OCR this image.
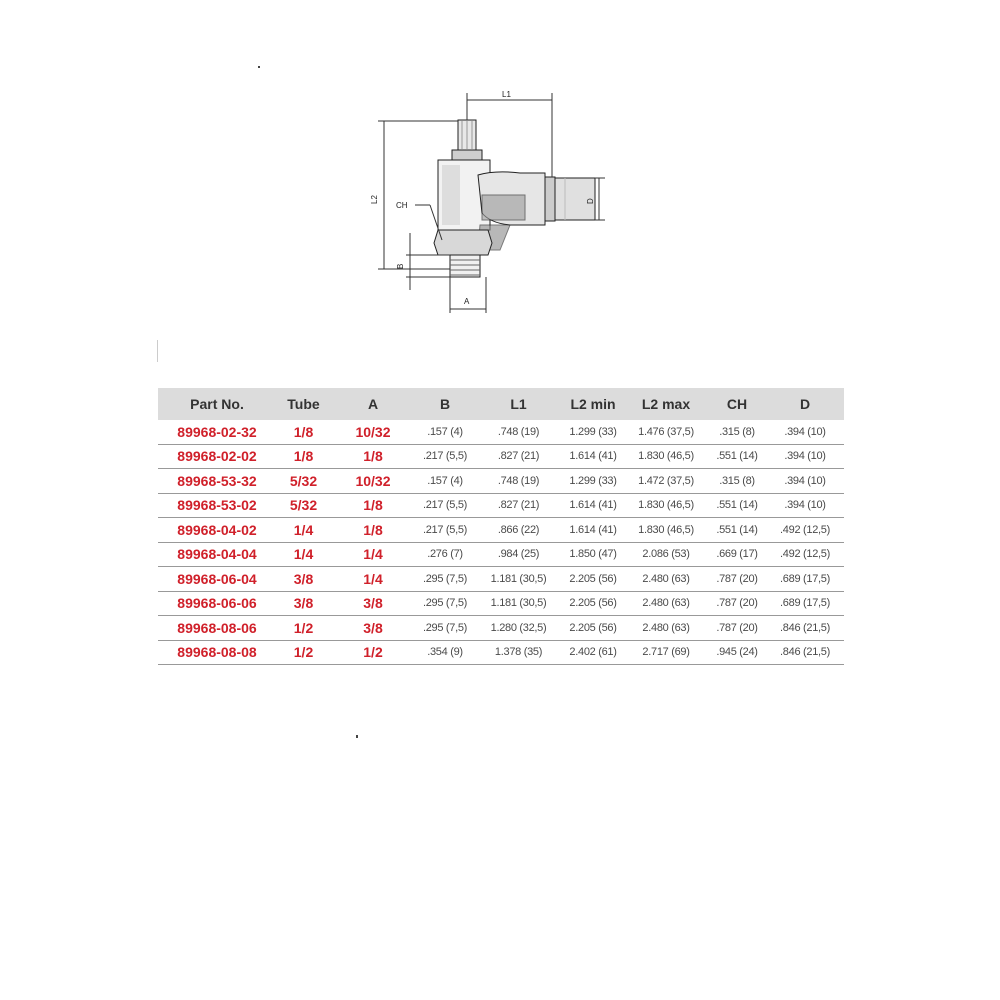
L1
L2
CH	D
B
A
Part No.	Tube	A	B	L1	L2 min	L2 max	CH	D
89968-02-32	1/8	10/32	.157 (4)	.748 (19)	1.299 (33)	1.476 (37,5)	.315 (8)	.394 (10)
89968-02-02	1/8	1/8	.217 (5,5)	.827 (21)	1.614 (41)	1.830 (46,5)	.551 (14)	.394 (10)
89968-53-32	5/32	10/32	.157 (4)	.748 (19)	1.299 (33)	1.472 (37,5)	.315 (8)	.394 (10)
89968-53-02	5/32	1/8	.217 (5,5)	.827 (21)	1.614 (41)	1.830 (46,5)	.551 (14)	.394 (10)
89968-04-02	1/4	1/8	.217 (5,5)	.866 (22)	1.614 (41)	1.830 (46,5)	.551 (14)	.492 (12,5)
89968-04-04	1/4	1/4	.276 (7)	.984 (25)	1.850 (47)	2.086 (53)	.669 (17)	.492 (12,5)
89968-06-04	3/8	1/4	.295 (7,5)	1.181 (30,5)	2.205 (56)	2.480 (63)	.787 (20)	.689 (17,5)
89968-06-06	3/8	3/8	.295 (7,5)	1.181 (30,5)	2.205 (56)	2.480 (63)	.787 (20)	.689 (17,5)
89968-08-06	1/2	3/8	.295 (7,5)	1.280 (32,5)	2.205 (56)	2.480 (63)	.787 (20)	.846 (21,5)
89968-08-08	1/2	1/2	.354 (9)	1.378 (35)	2.402 (61)	2.717 (69)	.945 (24)	.846 (21,5)
